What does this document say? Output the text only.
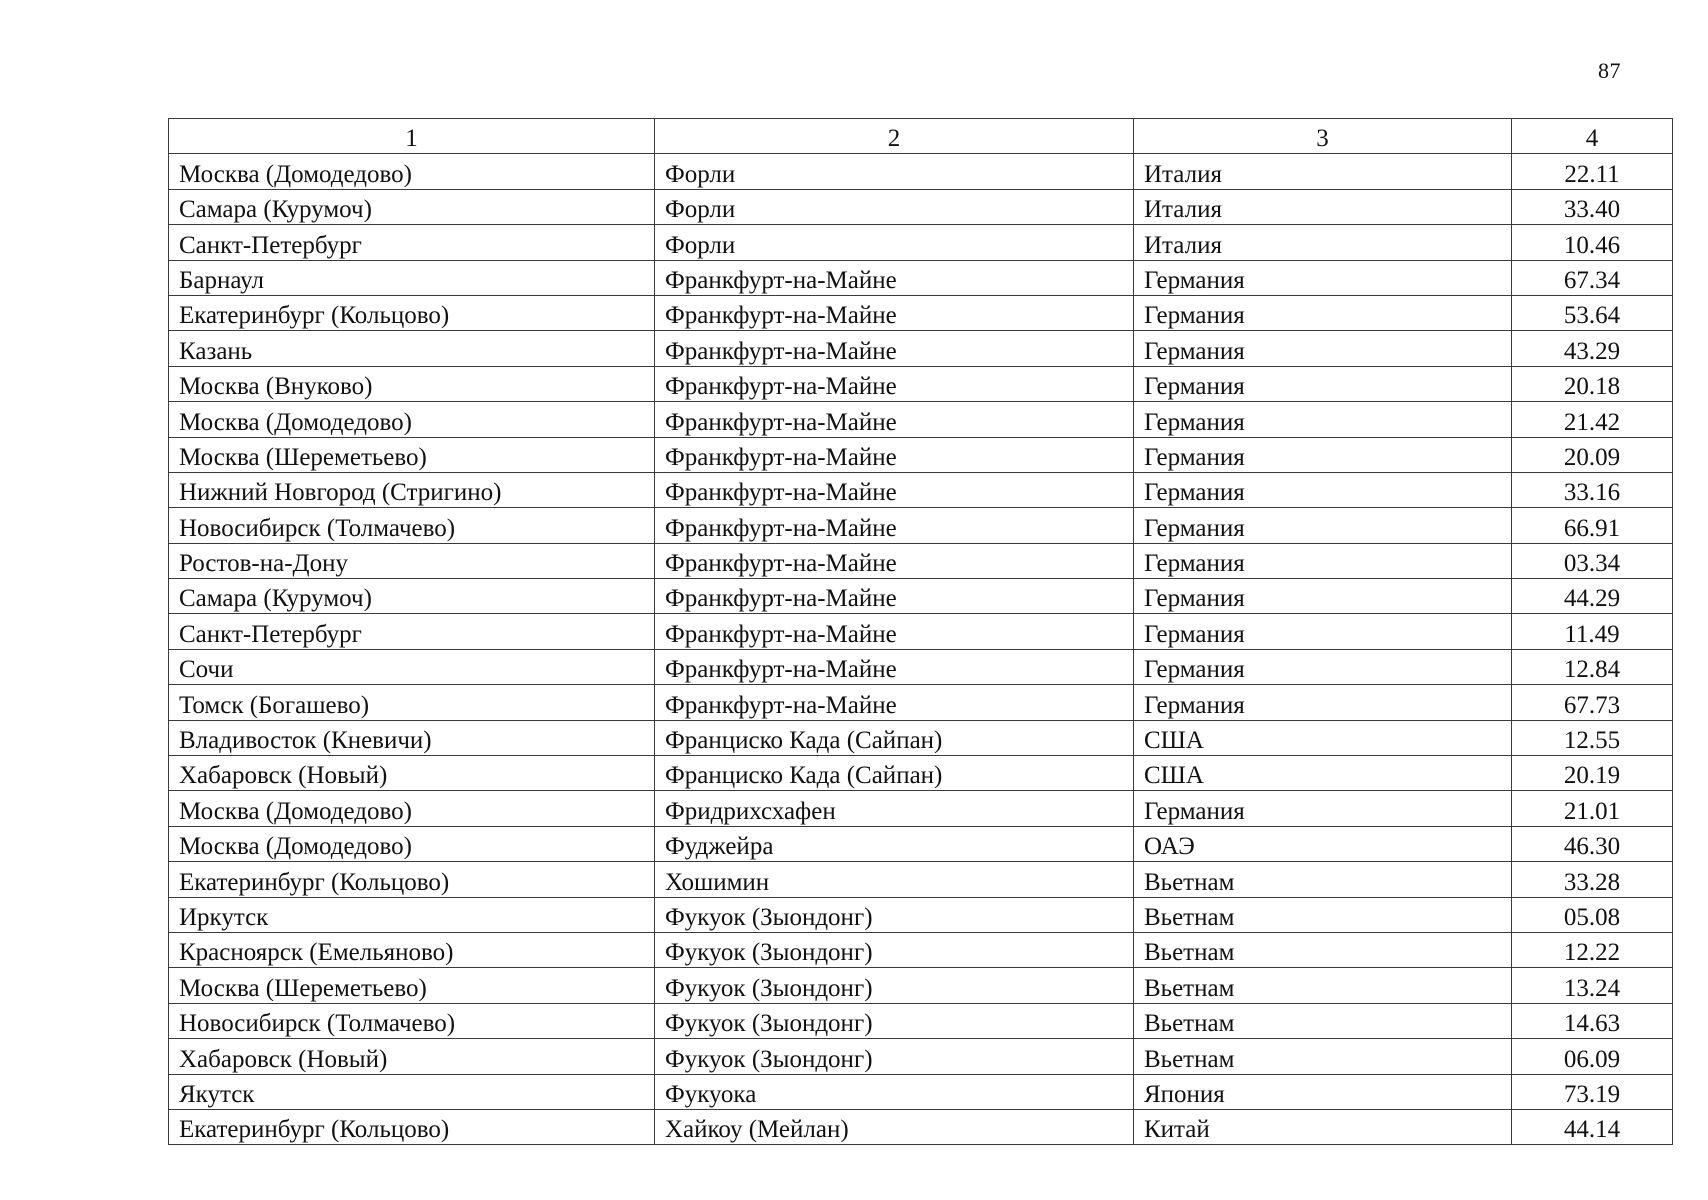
87
1	2	3	4
Москва (Домодедово)	Форли	Италия	22.11
Самара (Курумоч)	Форли	Италия	33.40
Санкт-Петербург	Форли	Италия	10.46
Барнаул	Франкфурт-на-Майне	Германия	67.34
Екатеринбург (Кольцово)	Франкфурт-на-Майне	Германия	53.64
Казань	Франкфурт-на-Майне	Германия	43.29
Москва (Внуково)	Франкфурт-на-Майне	Германия	20.18
Москва (Домодедово)	Франкфурт-на-Майне	Германия	21.42
Москва (Шереметьево)	Франкфурт-на-Майне	Германия	20.09
Нижний Новгород (Стригино)	Франкфурт-на-Майне	Германия	33.16
Новосибирск (Толмачево)	Франкфурт-на-Майне	Германия	66.91
Ростов-на-Дону	Франкфурт-на-Майне	Германия	03.34
Самара (Курумоч)	Франкфурт-на-Майне	Германия	44.29
Санкт-Петербург	Франкфурт-на-Майне	Германия	11.49
Сочи	Франкфурт-на-Майне	Германия	12.84
Томск (Богашево)	Франкфурт-на-Майне	Германия	67.73
Владивосток (Кневичи)	Франциско Када (Сайпан)	США	12.55
Хабаровск (Новый)	Франциско Када (Сайпан)	США	20.19
Москва (Домодедово)	Фридрихсхафен	Германия	21.01
Москва (Домодедово)	Фуджейра	ОАЭ	46.30
Екатеринбург (Кольцово)	Хошимин	Вьетнам	33.28
Иркутск	Фукуок (Зыондонг)	Вьетнам	05.08
Красноярск (Емельяново)	Фукуок (Зыондонг)	Вьетнам	12.22
Москва (Шереметьево)	Фукуок (Зыондонг)	Вьетнам	13.24
Новосибирск (Толмачево)	Фукуок (Зыондонг)	Вьетнам	14.63
Хабаровск (Новый)	Фукуок (Зыондонг)	Вьетнам	06.09
Якутск	Фукуока	Япония	73.19
Екатеринбург (Кольцово)	Хайкоу (Мейлан)	Китай	44.14
